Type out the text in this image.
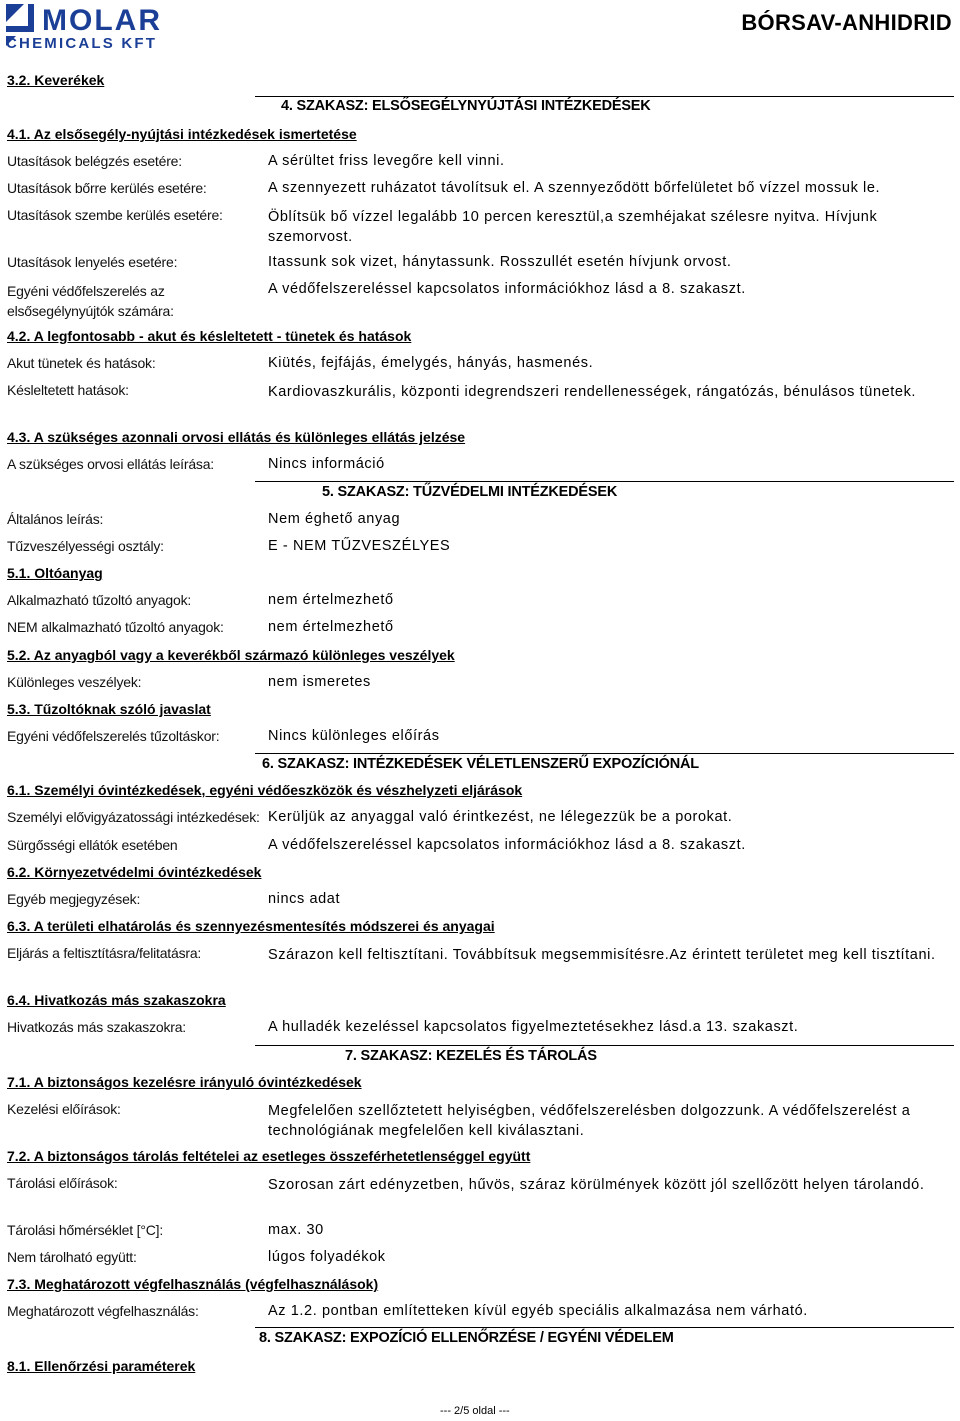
MOLAR
CHEMICALS KFT
BÓRSAV-ANHIDRID
3.2. Keverékek
4. SZAKASZ: ELSŐSEGÉLYNYÚJTÁSI INTÉZKEDÉSEK
4.1. Az elsősegély-nyújtási intézkedések ismertetése
Utasítások belégzés esetére:	A sérültet friss levegőre kell vinni.
Utasítások bőrre kerülés esetére:	A szennyezett ruházatot távolítsuk el. A szennyeződött bőrfelületet bő vízzel mossuk le.
Utasítások szembe kerülés esetére:	Öblítsük bő vízzel legalább 10 percen keresztül,a szemhéjakat szélesre nyitva. Hívjunk szemorvost.
Utasítások lenyelés esetére:	Itassunk sok vizet, hánytassunk. Rosszullét esetén hívjunk orvost.
Egyéni védőfelszerelés az elsősegélynyújtók számára:
A védőfelszereléssel kapcsolatos információkhoz lásd a 8. szakaszt.
4.2. A legfontosabb - akut és késleltetett - tünetek és hatások
Akut tünetek és hatások:	Kiütés, fejfájás, émelygés, hányás, hasmenés.
Késleltetett hatások:	Kardiovaszkurális, központi idegrendszeri rendellenességek, rángatózás, bénulásos tünetek.
4.3. A szükséges azonnali orvosi ellátás és különleges ellátás jelzése
A szükséges orvosi ellátás leírása:	Nincs információ
5. SZAKASZ: TŰZVÉDELMI INTÉZKEDÉSEK
Általános leírás:	Nem éghető anyag
Tűzveszélyességi osztály:	E - NEM TŰZVESZÉLYES
5.1. Oltóanyag
Alkalmazható tűzoltó anyagok:	nem értelmezhető
NEM alkalmazható tűzoltó anyagok:	nem értelmezhető
5.2. Az anyagból vagy a keverékből származó különleges veszélyek
Különleges veszélyek:	nem ismeretes
5.3. Tűzoltóknak szóló javaslat
Egyéni védőfelszerelés tűzoltáskor:	Nincs különleges előírás
6. SZAKASZ: INTÉZKEDÉSEK VÉLETLENSZERŰ EXPOZÍCIÓNÁL
6.1. Személyi óvintézkedések, egyéni védőeszközök és vészhelyzeti eljárások
Személyi elővigyázatossági intézkedések: Kerüljük az anyaggal való érintkezést, ne lélegezzük be a porokat.
Sürgősségi ellátók esetében	A védőfelszereléssel kapcsolatos információkhoz lásd a 8. szakaszt.
6.2. Környezetvédelmi óvintézkedések
Egyéb megjegyzések:	nincs adat
6.3. A területi elhatárolás és szennyezésmentesítés módszerei és anyagai
Eljárás a feltisztításra/felitatásra:	Szárazon kell feltisztítani. Továbbítsuk megsemmisítésre.Az érintett területet meg kell tisztítani.
6.4. Hivatkozás más szakaszokra
Hivatkozás más szakaszokra:	A hulladék kezeléssel kapcsolatos figyelmeztetésekhez lásd.a 13. szakaszt.
7. SZAKASZ: KEZELÉS ÉS TÁROLÁS
7.1. A biztonságos kezelésre irányuló óvintézkedések
Kezelési előírások:	Megfelelően szellőztetett helyiségben, védőfelszerelésben dolgozzunk. A védőfelszerelést a technológiának megfelelően kell kiválasztani.
7.2. A biztonságos tárolás feltételei az esetleges összeférhetetlenséggel együtt
Tárolási előírások:	Szorosan zárt edényzetben, hűvös, száraz körülmények között jól szellőzött helyen tárolandó.
Tárolási hőmérséklet [°C]:	max. 30
Nem tárolható együtt:	lúgos folyadékok
7.3. Meghatározott végfelhasználás (végfelhasználások)
Meghatározott végfelhasználás:	Az 1.2. pontban említetteken kívül egyéb speciális alkalmazása nem várható.
8. SZAKASZ: EXPOZÍCIÓ ELLENŐRZÉSE / EGYÉNI VÉDELEM
8.1. Ellenőrzési paraméterek
--- 2/5 oldal ---
